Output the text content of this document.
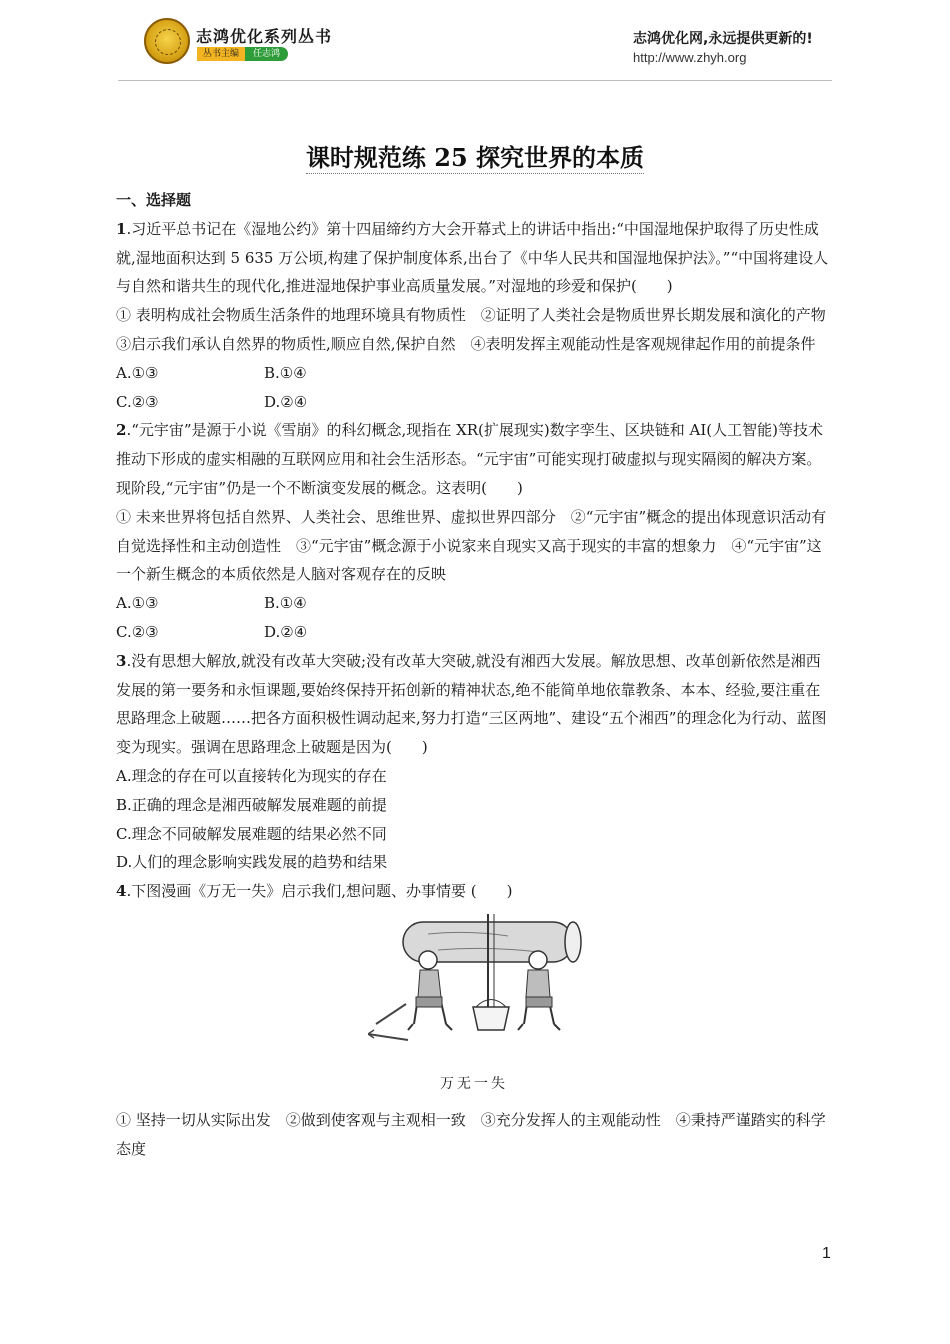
志鸿优化系列丛书
丛书主编	任志鸿
志鸿优化网,永远提供更新的!
http://www.zhyh.org
课时规范练 25 探究世界的本质

一、选择题

1.习近平总书记在《湿地公约》第十四届缔约方大会开幕式上的讲话中指出:“中国湿地保护取得了历史性成就,湿地面积达到 5 635 万公顷,构建了保护制度体系,出台了《中华人民共和国湿地保护法》。”“中国将建设人与自然和谐共生的现代化,推进湿地保护事业高质量发展。”对湿地的珍爱和保护(　　)

① 表明构成社会物质生活条件的地理环境具有物质性　②证明了人类社会是物质世界长期发展和演化的产物　③启示我们承认自然界的物质性,顺应自然,保护自然　④表明发挥主观能动性是客观规律起作用的前提条件

A.①③	B.①④

C.②③	D.②④

2.“元宇宙”是源于小说《雪崩》的科幻概念,现指在 XR(扩展现实)数字孪生、区块链和 AI(人工智能)等技术推动下形成的虚实相融的互联网应用和社会生活形态。“元宇宙”可能实现打破虚拟与现实隔阂的解决方案。现阶段,“元宇宙”仍是一个不断演变发展的概念。这表明(　　)

① 未来世界将包括自然界、人类社会、思维世界、虚拟世界四部分　②“元宇宙”概念的提出体现意识活动有自觉选择性和主动创造性　③“元宇宙”概念源于小说家来自现实又高于现实的丰富的想象力　④“元宇宙”这一个新生概念的本质依然是人脑对客观存在的反映

A.①③	B.①④

C.②③	D.②④

3.没有思想大解放,就没有改革大突破;没有改革大突破,就没有湘西大发展。解放思想、改革创新依然是湘西发展的第一要务和永恒课题,要始终保持开拓创新的精神状态,绝不能简单地依靠教条、本本、经验,要注重在思路理念上破题……把各方面积极性调动起来,努力打造“三区两地”、建设“五个湘西”的理念化为行动、蓝图变为现实。强调在思路理念上破题是因为(　　)

A.理念的存在可以直接转化为现实的存在

B.正确的理念是湘西破解发展难题的前提

C.理念不同破解发展难题的结果必然不同

D.人们的理念影响实践发展的趋势和结果

4.下图漫画《万无一失》启示我们,想问题、办事情要 (　　)

万无一失

① 坚持一切从实际出发　②做到使客观与主观相一致　③充分发挥人的主观能动性　④秉持严谨踏实的科学态度

1
